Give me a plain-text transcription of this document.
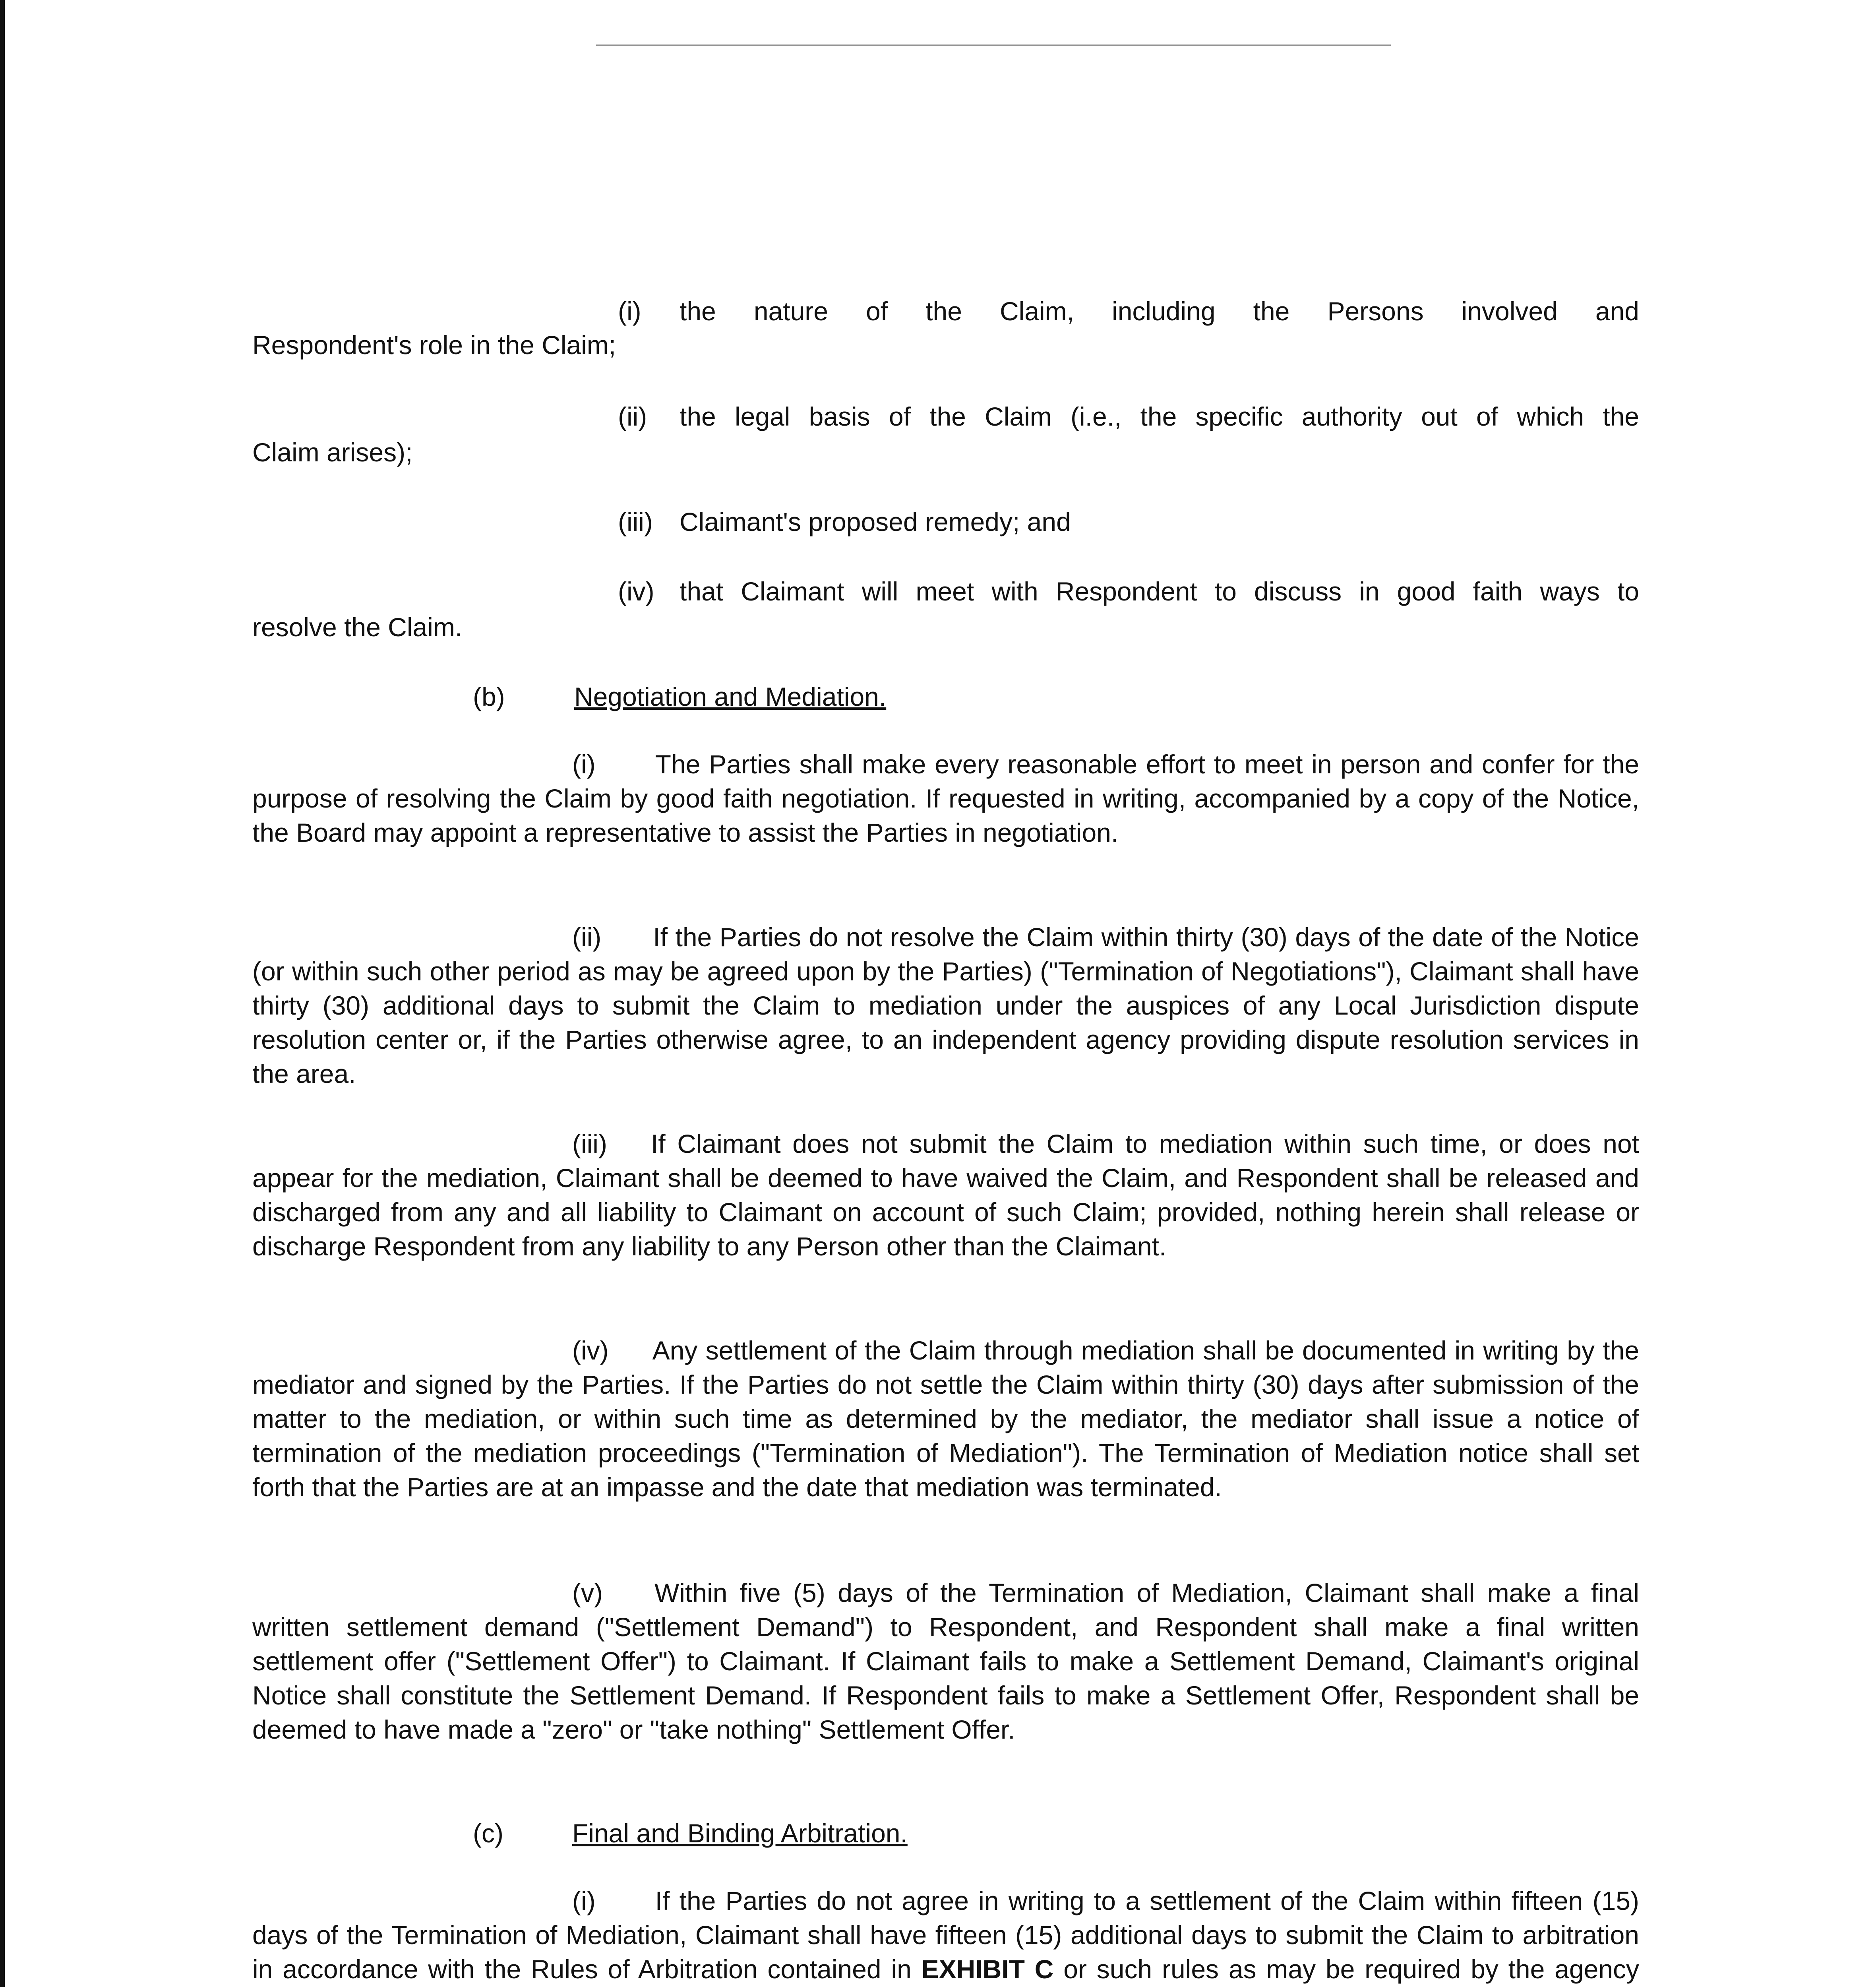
(i) the nature of the Claim, including the Persons involved and
Respondent's role in the Claim;
(ii) the legal basis of the Claim (i.e., the specific authority out of which the
Claim arises);
(iii) Claimant's proposed remedy; and
(iv) that Claimant will meet with Respondent to discuss in good faith ways to
resolve the Claim.
(b)	Negotiation and Mediation.
(i) The Parties shall make every reasonable effort to meet in person and confer for the purpose of resolving the Claim by good faith negotiation. If requested in writing, accompanied by a copy of the Notice, the Board may appoint a representative to assist the Parties in negotiation.
(ii) If the Parties do not resolve the Claim within thirty (30) days of the date of the Notice (or within such other period as may be agreed upon by the Parties) ("Termination of Negotiations"), Claimant shall have thirty (30) additional days to submit the Claim to mediation under the auspices of any Local Jurisdiction dispute resolution center or, if the Parties otherwise agree, to an independent agency providing dispute resolution services in the area.
(iii) If Claimant does not submit the Claim to mediation within such time, or does not appear for the mediation, Claimant shall be deemed to have waived the Claim, and Respondent shall be released and discharged from any and all liability to Claimant on account of such Claim; provided, nothing herein shall release or discharge Respondent from any liability to any Person other than the Claimant.
(iv) Any settlement of the Claim through mediation shall be documented in writing by the mediator and signed by the Parties. If the Parties do not settle the Claim within thirty (30) days after submission of the matter to the mediation, or within such time as determined by the mediator, the mediator shall issue a notice of termination of the mediation proceedings ("Termination of Mediation"). The Termination of Mediation notice shall set forth that the Parties are at an impasse and the date that mediation was terminated.
(v) Within five (5) days of the Termination of Mediation, Claimant shall make a final written settlement demand ("Settlement Demand") to Respondent, and Respondent shall make a final written settlement offer ("Settlement Offer") to Claimant. If Claimant fails to make a Settlement Demand, Claimant's original Notice shall constitute the Settlement Demand. If Respondent fails to make a Settlement Offer, Respondent shall be deemed to have made a "zero" or "take nothing" Settlement Offer.
(c)	Final and Binding Arbitration.
(i) If the Parties do not agree in writing to a settlement of the Claim within fifteen (15) days of the Termination of Mediation, Claimant shall have fifteen (15) additional days to submit the Claim to arbitration in accordance with the Rules of Arbitration contained in EXHIBIT C or such rules as may be required by the agency
